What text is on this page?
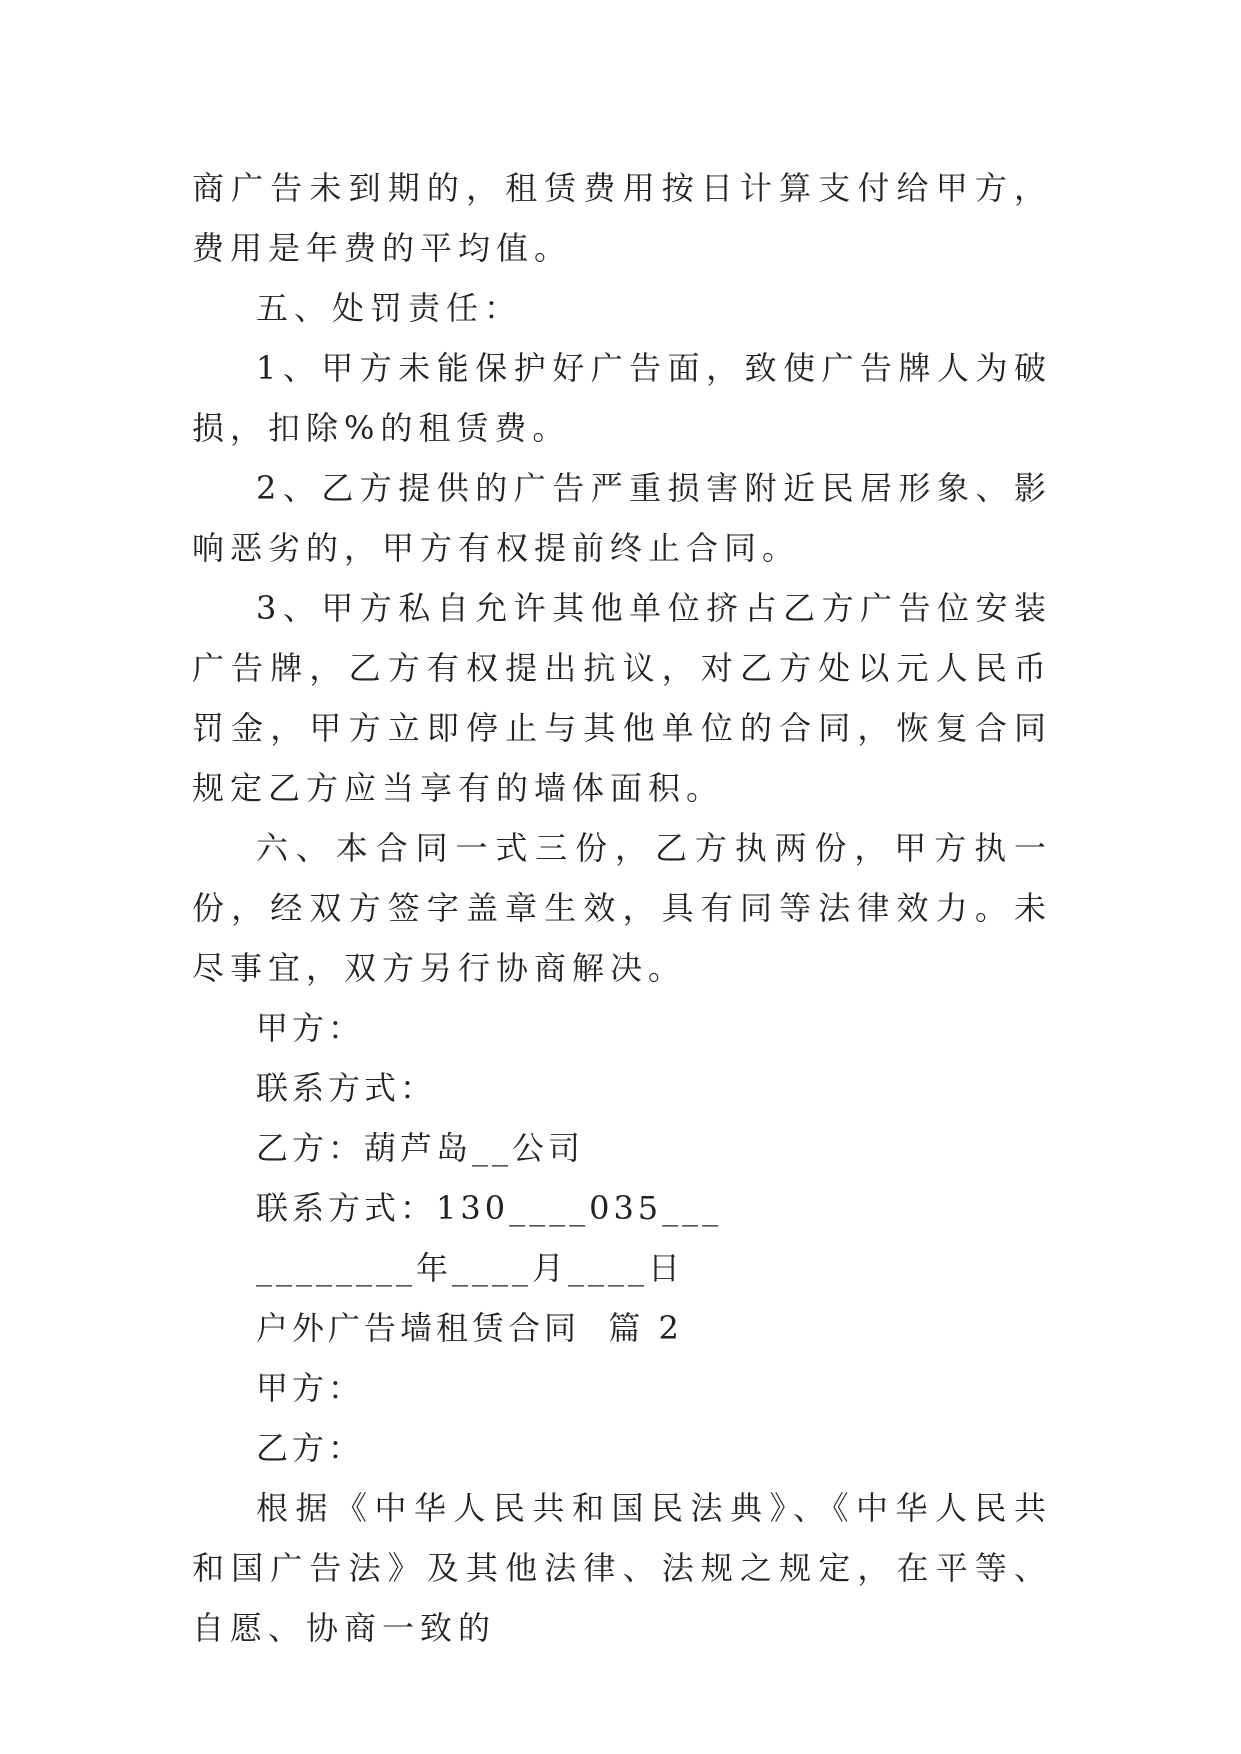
商广告未到期的，租赁费用按日计算支付给甲方，费用是年费的平均值。

五、处罚责任：

1、甲方未能保护好广告面，致使广告牌人为破损，扣除%的租赁费。

2、乙方提供的广告严重损害附近民居形象、影响恶劣的，甲方有权提前终止合同。

3、甲方私自允许其他单位挤占乙方广告位安装广告牌，乙方有权提出抗议，对乙方处以元人民币罚金，甲方立即停止与其他单位的合同，恢复合同规定乙方应当享有的墙体面积。

六、本合同一式三份，乙方执两份，甲方执一份，经双方签字盖章生效，具有同等法律效力。未尽事宜，双方另行协商解决。

甲方：

联系方式：

乙方：葫芦岛__公司

联系方式：130____035___

________年____月____日

户外广告墙租赁合同  篇 2

甲方：

乙方：

根据《中华人民共和国民法典》、《中华人民共和国广告法》及其他法律、法规之规定，在平等、自愿、协商一致的
